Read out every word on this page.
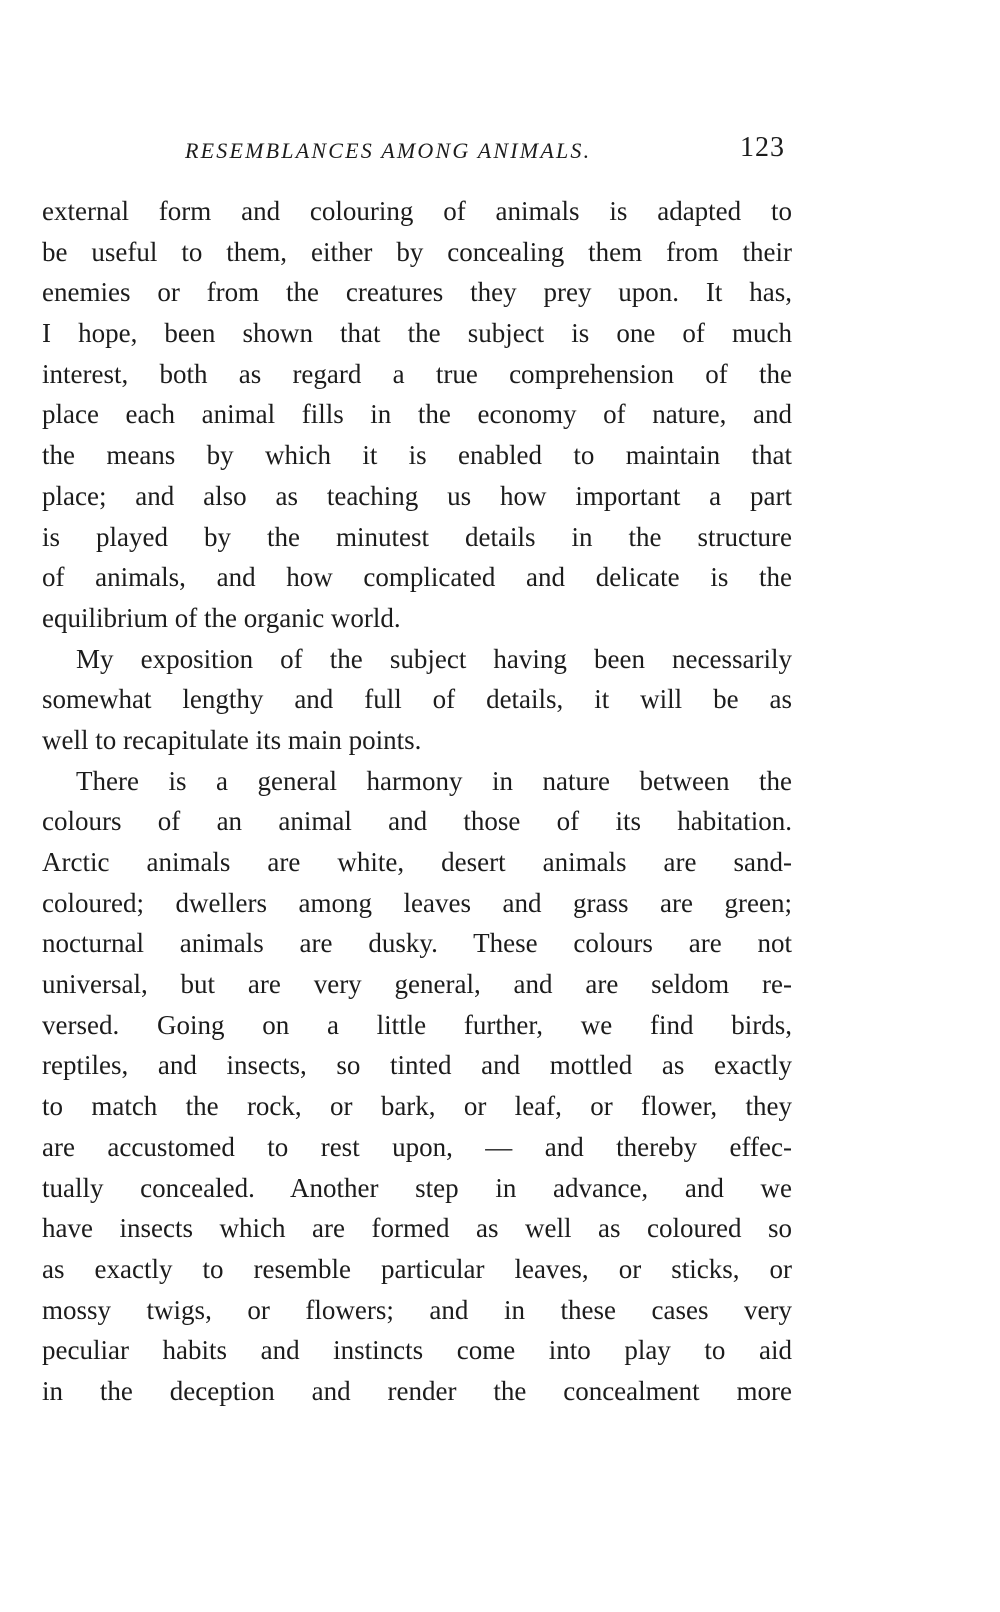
RESEMBLANCES AMONG ANIMALS.	123
external form and colouring of animals is adapted to
be useful to them, either by concealing them from their
enemies or from the creatures they prey upon. It has,
I hope, been shown that the subject is one of much
interest, both as regard a true comprehension of the
place each animal fills in the economy of nature, and
the means by which it is enabled to maintain that
place; and also as teaching us how important a part
is played by the minutest details in the structure
of animals, and how complicated and delicate is the
equilibrium of the organic world.
My exposition of the subject having been necessarily
somewhat lengthy and full of details, it will be as
well to recapitulate its main points.
There is a general harmony in nature between the
colours of an animal and those of its habitation.
Arctic animals are white, desert animals are sand-
coloured; dwellers among leaves and grass are green;
nocturnal animals are dusky. These colours are not
universal, but are very general, and are seldom re-
versed. Going on a little further, we find birds,
reptiles, and insects, so tinted and mottled as exactly
to match the rock, or bark, or leaf, or flower, they
are accustomed to rest upon, — and thereby effec-
tually concealed. Another step in advance, and we
have insects which are formed as well as coloured so
as exactly to resemble particular leaves, or sticks, or
mossy twigs, or flowers; and in these cases very
peculiar habits and instincts come into play to aid
in the deception and render the concealment more
